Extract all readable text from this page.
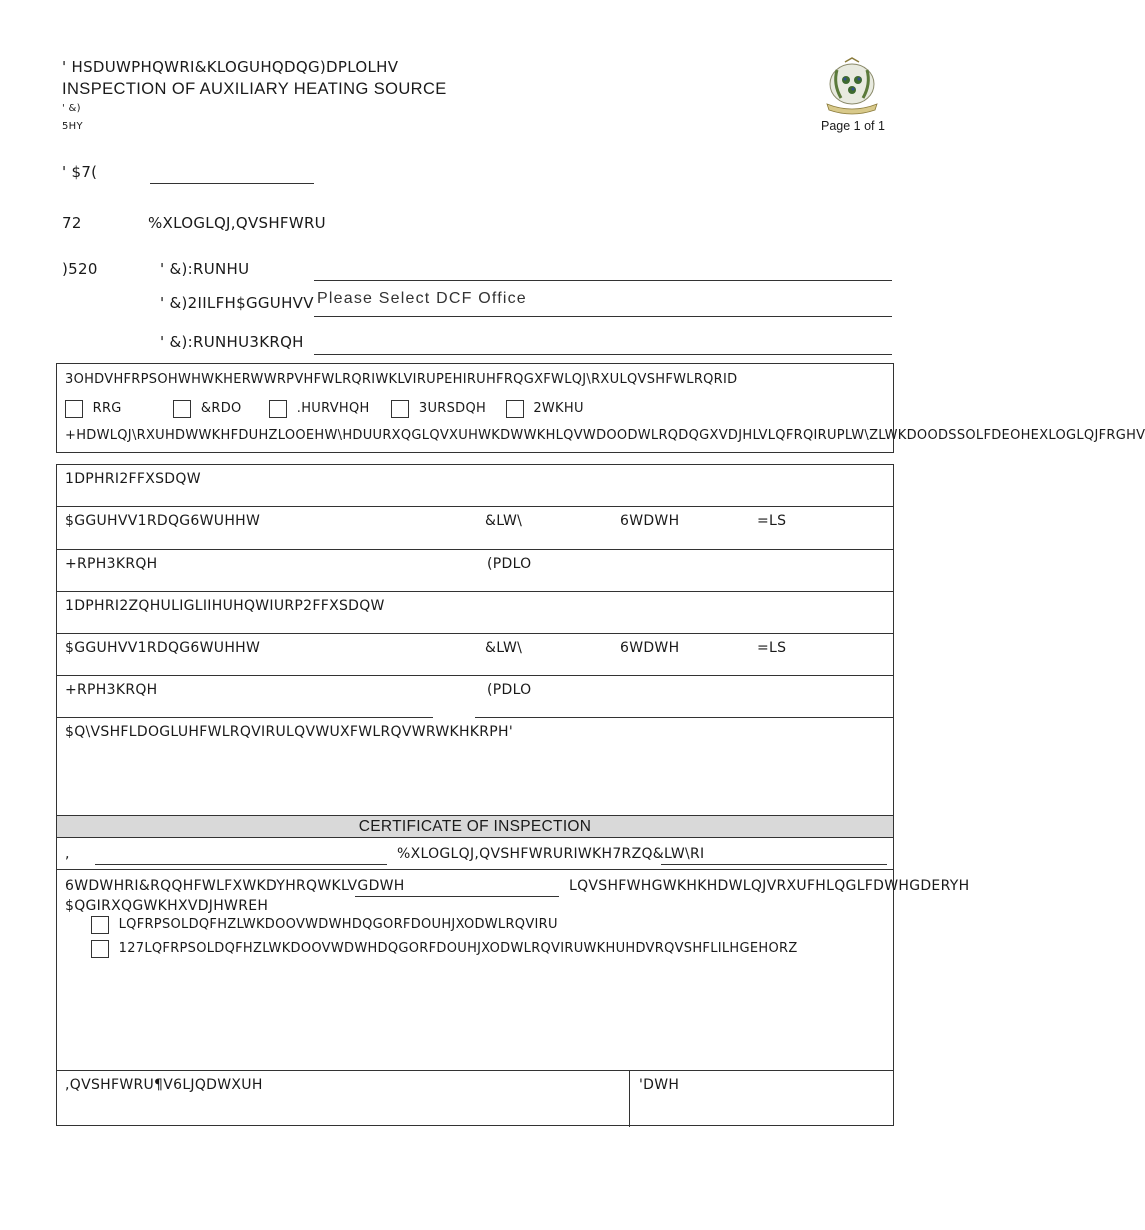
' HSDUWPHQWRI&KLOGUHQDQG)DPLOLHV
INSPECTION OF AUXILIARY HEATING SOURCE
' &)
5HY	Page 1 of 1
' $7(
72	%XLOGLQJ,QVSHFWRU
)520	' &):RUNHU
' &)2IILFH$GGUHVV Please Select DCF Office
' &):RUNHU3KRQH
3OHDVHFRPSOHWHWKHERWWRPVHFWLRQRIWKLVIRUPEHIRUHFRQGXFWLQJ\RXULQVSHFWLRQRID
RRG	&RDO	.HURVHQH	3URSDQH	2WKHU
+HDWLQJ\RXUHDWWKHFDUHZLOOEHW\HDUURXQGLQVXUHWKDWWKHLQVWDOODWLRQDQGXVDJHLVLQFRQIRUPLW\ZLWKDOODSSOLFDEOHEXLOGLQJFRGHV
1DPHRI2FFXSDQW
$GGUHVV1RDQG6WUHHW	&LW\	6WDWH	=LS
+RPH3KRQH	(PDLO
1DPHRI2ZQHULIGLIIHUHQWIURP2FFXSDQW
$GGUHVV1RDQG6WUHHW	&LW\	6WDWH	=LS
+RPH3KRQH	(PDLO
$Q\VSHFLDOGLUHFWLRQVIRULQVWUXFWLRQVWRWKHKRPH'
CERTIFICATE OF INSPECTION
,	%XLOGLQJ,QVSHFWRURIWKH7RZQ&LW\RI
6WDWHRI&RQQHFWLFXWKDYHRQWKLVGDWH	LQVSHFWHGWKHKHDWLQJVRXUFHLQGLFDWHGDERYH
$QGIRXQGWKHXVDJHWREH
LQFRPSOLDQFHZLWKDOOVWDWHDQGORFDOUHJXODWLRQVIRU
127LQFRPSOLDQFHZLWKDOOVWDWHDQGORFDOUHJXODWLRQVIRUWKHUHDVRQVSHFLILHGEHORZ
,QVSHFWRU¶V6LJQDWXUH	'DWH
